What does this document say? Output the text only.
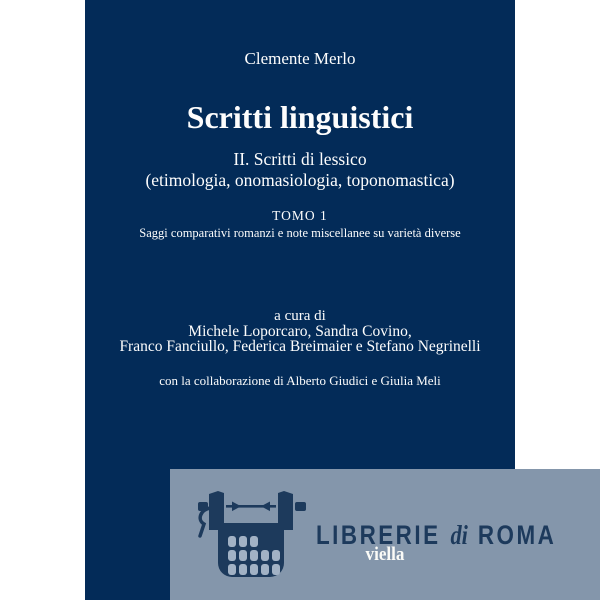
Clemente Merlo
Scritti linguistici
II. Scritti di lessico
(etimologia, onomasiologia, toponomastica)
TOMO 1
Saggi comparativi romanzi e note miscellanee su varietà diverse
a cura di
Michele Loporcaro, Sandra Covino,
Franco Fanciullo, Federica Breimaier e Stefano Negrinelli
con la collaborazione di Alberto Giudici e Giulia Meli
viella
LIBRERIE di ROMA
